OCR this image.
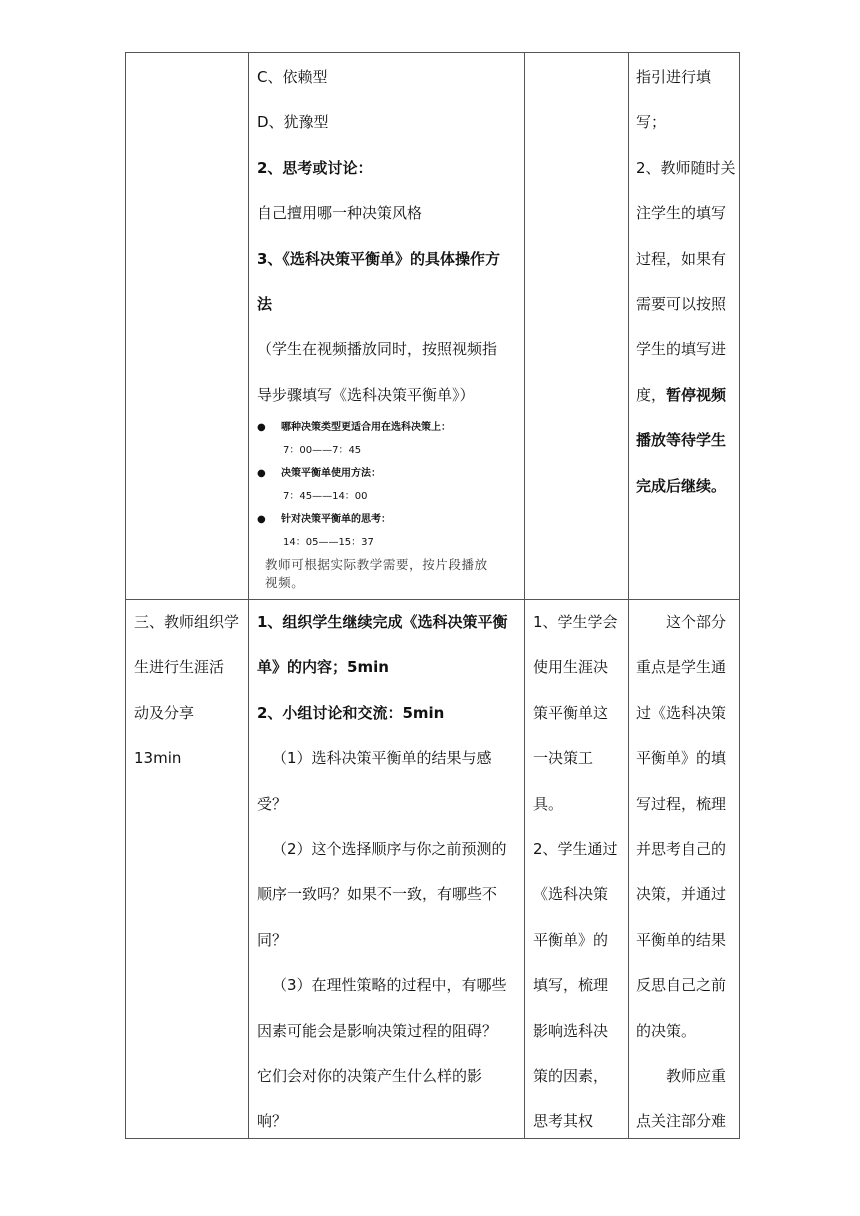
C、依赖型
D、犹豫型
2、思考或讨论：
自己擅用哪一种决策风格
3、《选科决策平衡单》的具体操作方
法
（学生在视频播放同时，按照视频指
导步骤填写《选科决策平衡单》）
● 哪种决策类型更适合用在选科决策上：
7：00——7：45
● 决策平衡单使用方法：
7：45——14：00
● 针对决策平衡单的思考：
14：05——15：37
教师可根据实际教学需要，按片段播放
视频。
指引进行填
写；
2、教师随时关
注学生的填写
过程，如果有
需要可以按照
学生的填写进
度，暂停视频
播放等待学生
完成后继续。
三、教师组织学
生进行生涯活
动及分享
13min
1、组织学生继续完成《选科决策平衡
单》的内容；5min
2、小组讨论和交流：5min
（1）选科决策平衡单的结果与感
受？
（2）这个选择顺序与你之前预测的
顺序一致吗？如果不一致，有哪些不
同？
（3）在理性策略的过程中，有哪些
因素可能会是影响决策过程的阻碍？
它们会对你的决策产生什么样的影
响？
1、学生学会
使用生涯决
策平衡单这
一决策工
具。
2、学生通过
《选科决策
平衡单》的
填写，梳理
影响选科决
策的因素，
思考其权
这个部分
重点是学生通
过《选科决策
平衡单》的填
写过程，梳理
并思考自己的
决策，并通过
平衡单的结果
反思自己之前
的决策。
教师应重
点关注部分难
